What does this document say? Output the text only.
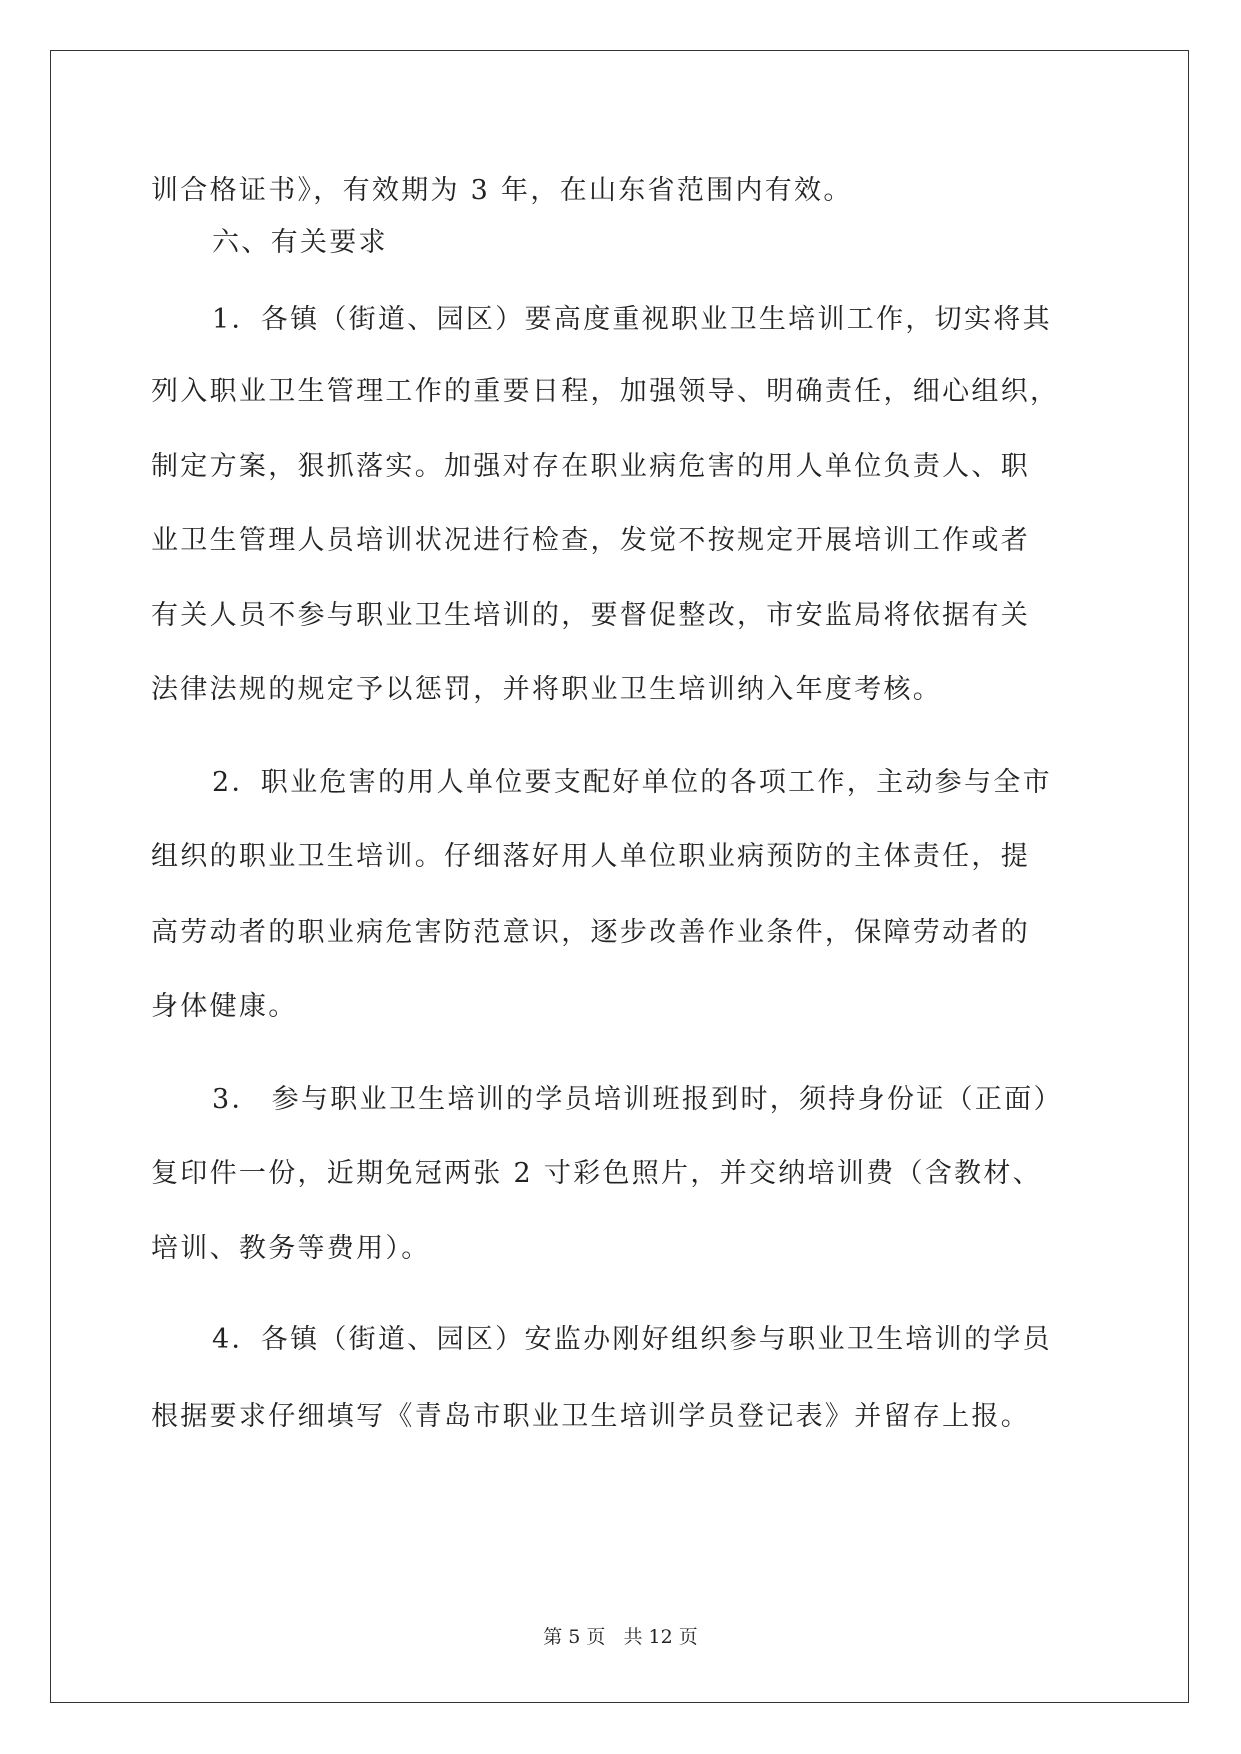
训合格证书》，有效期为 3 年，在山东省范围内有效。
六、有关要求
1．各镇（街道、园区）要高度重视职业卫生培训工作，切实将其
列入职业卫生管理工作的重要日程，加强领导、明确责任，细心组织，
制定方案，狠抓落实。加强对存在职业病危害的用人单位负责人、职
业卫生管理人员培训状况进行检查，发觉不按规定开展培训工作或者
有关人员不参与职业卫生培训的，要督促整改，市安监局将依据有关
法律法规的规定予以惩罚，并将职业卫生培训纳入年度考核。
2．职业危害的用人单位要支配好单位的各项工作，主动参与全市
组织的职业卫生培训。仔细落好用人单位职业病预防的主体责任，提
高劳动者的职业病危害防范意识，逐步改善作业条件，保障劳动者的
身体健康。
3． 参与职业卫生培训的学员培训班报到时，须持身份证（正面）
复印件一份，近期免冠两张 2 寸彩色照片，并交纳培训费（含教材、
培训、教务等费用）。
4．各镇（街道、园区）安监办刚好组织参与职业卫生培训的学员
根据要求仔细填写《青岛市职业卫生培训学员登记表》并留存上报。
第 5 页 共 12 页
